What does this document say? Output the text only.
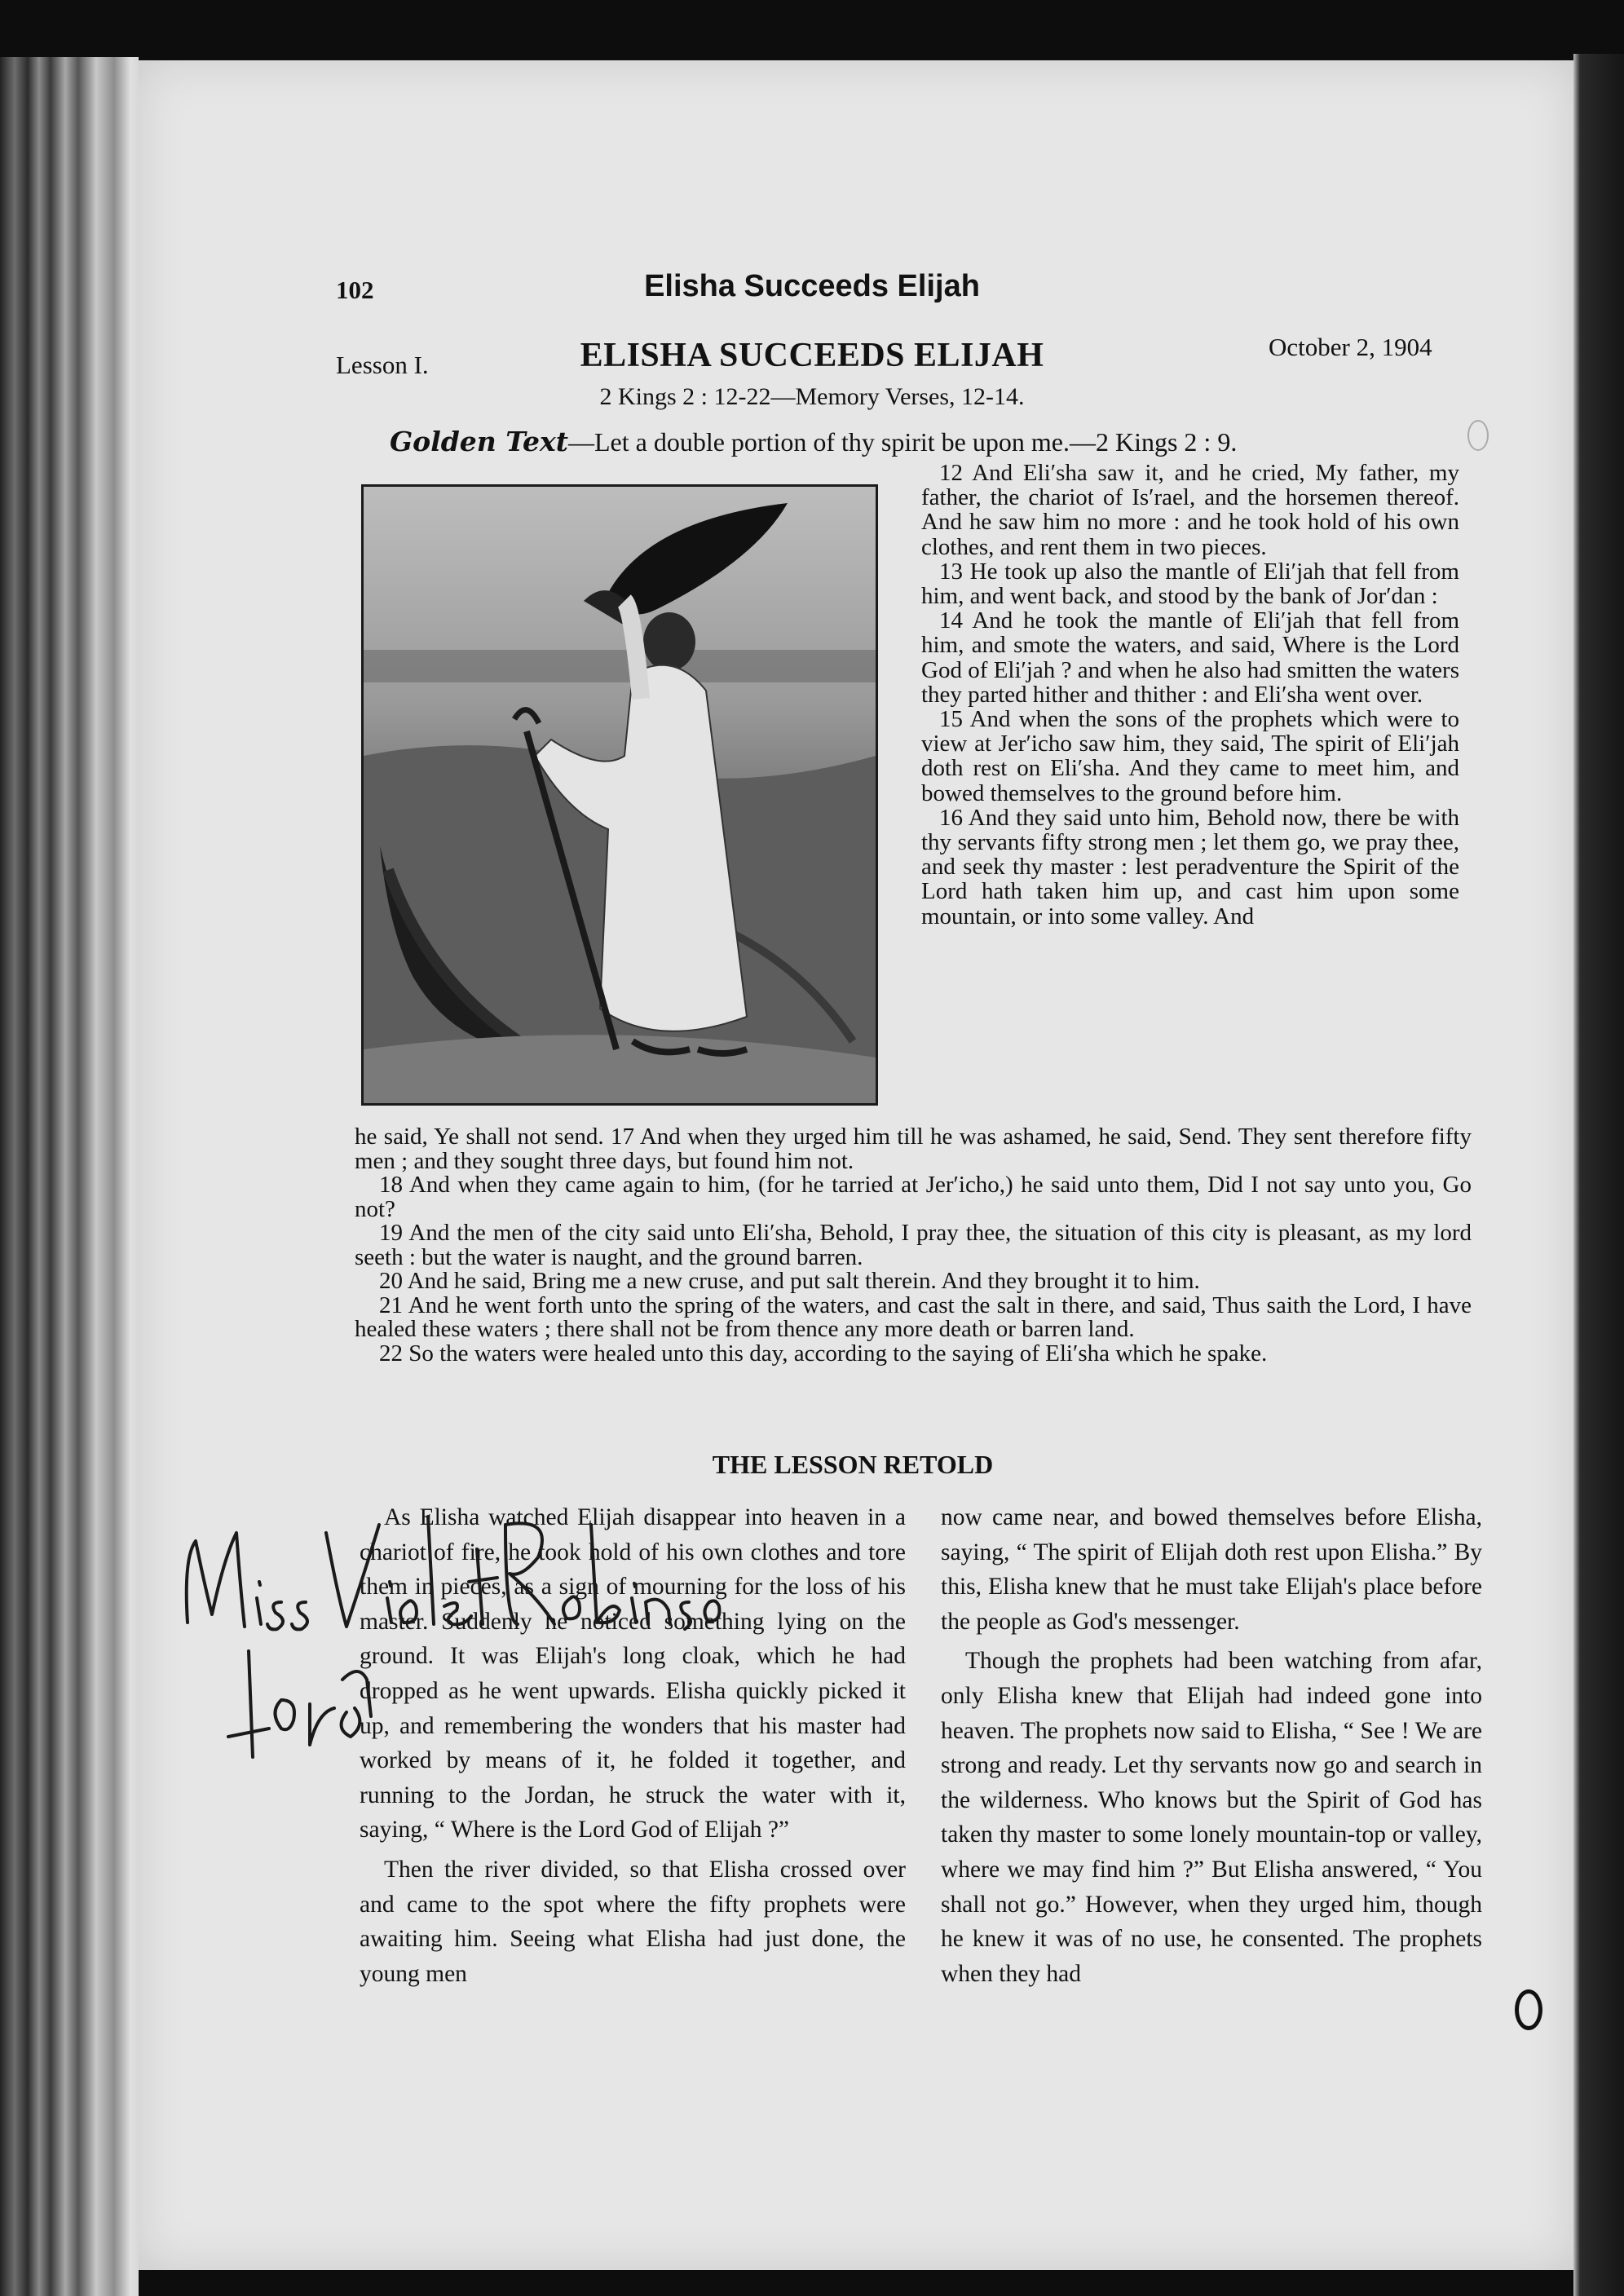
102	Elisha Succeeds Elijah
Lesson I.	ELISHA SUCCEEDS ELIJAH	October 2, 1904
2 Kings 2 : 12-22—Memory Verses, 12-14.
Golden Text—Let a double portion of thy spirit be upon me.—2 Kings 2 : 9.

12 And Eli′sha saw it, and he cried, My father, my father, the chariot of Is′rael, and the horsemen thereof. And he saw him no more : and he took hold of his own clothes, and rent them in two pieces.

13 He took up also the mantle of Eli′jah that fell from him, and went back, and stood by the bank of Jor′dan :

14 And he took the mantle of Eli′jah that fell from him, and smote the waters, and said, Where is the Lord God of Eli′jah ? and when he also had smitten the waters they parted hither and thither : and Eli′sha went over.

15 And when the sons of the prophets which were to view at Jer′icho saw him, they said, The spirit of Eli′jah doth rest on Eli′sha. And they came to meet him, and bowed themselves to the ground before him.

16 And they said unto him, Behold now, there be with thy servants fifty strong men ; let them go, we pray thee, and seek thy master : lest peradventure the Spirit of the Lord hath taken him up, and cast him upon some mountain, or into some valley. And

he said, Ye shall not send. 17 And when they urged him till he was ashamed, he said, Send. They sent therefore fifty men ; and they sought three days, but found him not.

18 And when they came again to him, (for he tarried at Jer′icho,) he said unto them, Did I not say unto you, Go not?

19 And the men of the city said unto Eli′sha, Behold, I pray thee, the situation of this city is pleasant, as my lord seeth : but the water is naught, and the ground barren.

20 And he said, Bring me a new cruse, and put salt therein. And they brought it to him.

21 And he went forth unto the spring of the waters, and cast the salt in there, and said, Thus saith the Lord, I have healed these waters ; there shall not be from thence any more death or barren land.

22 So the waters were healed unto this day, according to the saying of Eli′sha which he spake.

THE LESSON RETOLD

As Elisha watched Elijah disappear into heaven in a chariot of fire, he took hold of his own clothes and tore them in pieces, as a sign of mourning for the loss of his master. Suddenly he noticed something lying on the ground. It was Elijah's long cloak, which he had dropped as he went upwards. Elisha quickly picked it up, and remembering the wonders that his master had worked by means of it, he folded it together, and running to the Jordan, he struck the water with it, saying, “ Where is the Lord God of Elijah ?”

Then the river divided, so that Elisha crossed over and came to the spot where the fifty prophets were awaiting him. Seeing what Elisha had just done, the young men

now came near, and bowed themselves before Elisha, saying, “ The spirit of Elijah doth rest upon Elisha.” By this, Elisha knew that he must take Elijah's place before the people as God's messenger.

Though the prophets had been watching from afar, only Elisha knew that Elijah had indeed gone into heaven. The prophets now said to Elisha, “ See ! We are strong and ready. Let thy servants now go and search in the wilderness. Who knows but the Spirit of God has taken thy master to some lonely mountain-top or valley, where we may find him ?” But Elisha answered, “ You shall not go.” However, when they urged him, though he knew it was of no use, he consented. The prophets when they had
